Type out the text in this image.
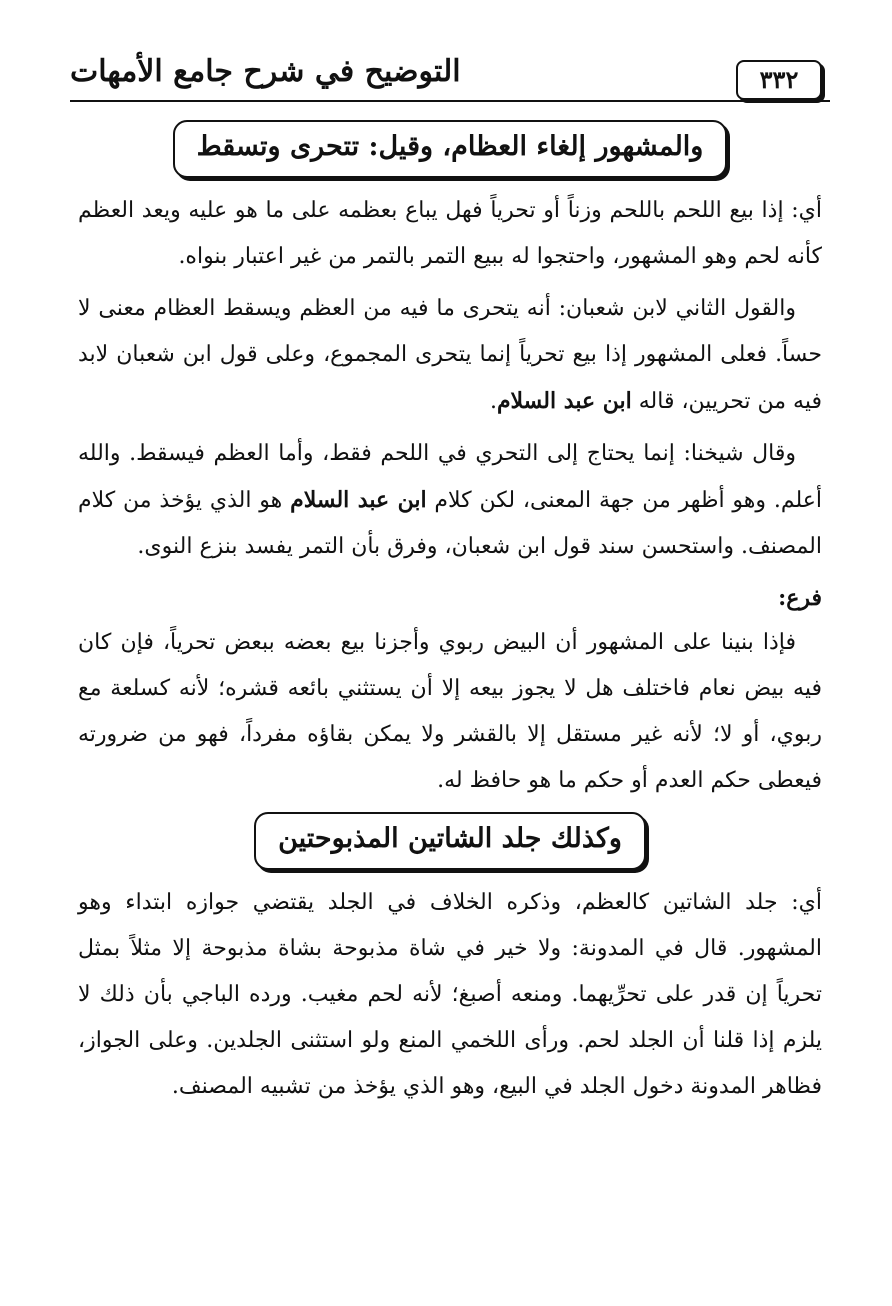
التوضيح في شرح جامع الأمهات	٣٣٢
والمشهور إلغاء العظام، وقيل: تتحرى وتسقط

أي: إذا بيع اللحم باللحم وزناً أو تحرياً فهل يباع بعظمه على ما هو عليه ويعد العظم كأنه لحم وهو المشهور، واحتجوا له ببيع التمر بالتمر من غير اعتبار بنواه.

والقول الثاني لابن شعبان: أنه يتحرى ما فيه من العظم ويسقط العظام معنى لا حساً. فعلى المشهور إذا بيع تحرياً إنما يتحرى المجموع، وعلى قول ابن شعبان لابد فيه من تحريين، قاله ابن عبد السلام.

وقال شيخنا: إنما يحتاج إلى التحري في اللحم فقط، وأما العظم فيسقط. والله أعلم. وهو أظهر من جهة المعنى، لكن كلام ابن عبد السلام هو الذي يؤخذ من كلام المصنف. واستحسن سند قول ابن شعبان، وفرق بأن التمر يفسد بنزع النوى.

فرع:

فإذا بنينا على المشهور أن البيض ربوي وأجزنا بيع بعضه ببعض تحرياً، فإن كان فيه بيض نعام فاختلف هل لا يجوز بيعه إلا أن يستثني بائعه قشره؛ لأنه كسلعة مع ربوي، أو لا؛ لأنه غير مستقل إلا بالقشر ولا يمكن بقاؤه مفرداً، فهو من ضرورته فيعطى حكم العدم أو حكم ما هو حافظ له.

وكذلك جلد الشاتين المذبوحتين

أي: جلد الشاتين كالعظم، وذكره الخلاف في الجلد يقتضي جوازه ابتداء وهو المشهور. قال في المدونة: ولا خير في شاة مذبوحة بشاة مذبوحة إلا مثلاً بمثل تحرياً إن قدر على تحرِّيهما. ومنعه أصبغ؛ لأنه لحم مغيب. ورده الباجي بأن ذلك لا يلزم إذا قلنا أن الجلد لحم. ورأى اللخمي المنع ولو استثنى الجلدين. وعلى الجواز، فظاهر المدونة دخول الجلد في البيع، وهو الذي يؤخذ من تشبيه المصنف.
